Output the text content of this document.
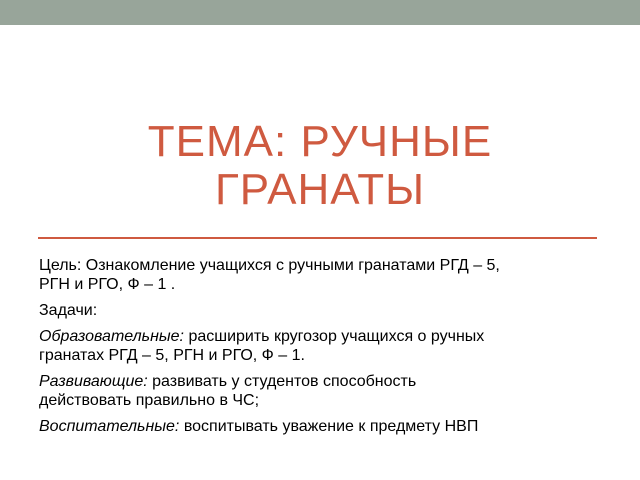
ТЕМА: РУЧНЫЕ
ГРАНАТЫ

Цель: Ознакомление учащихся с ручными гранатами РГД – 5, РГН и РГО, Ф – 1 .

Задачи:

Образовательные: расширить кругозор учащихся о ручных гранатах РГД – 5, РГН и РГО, Ф – 1.

Развивающие: развивать у студентов способность действовать правильно в ЧС;

Воспитательные: воспитывать уважение к предмету НВП
